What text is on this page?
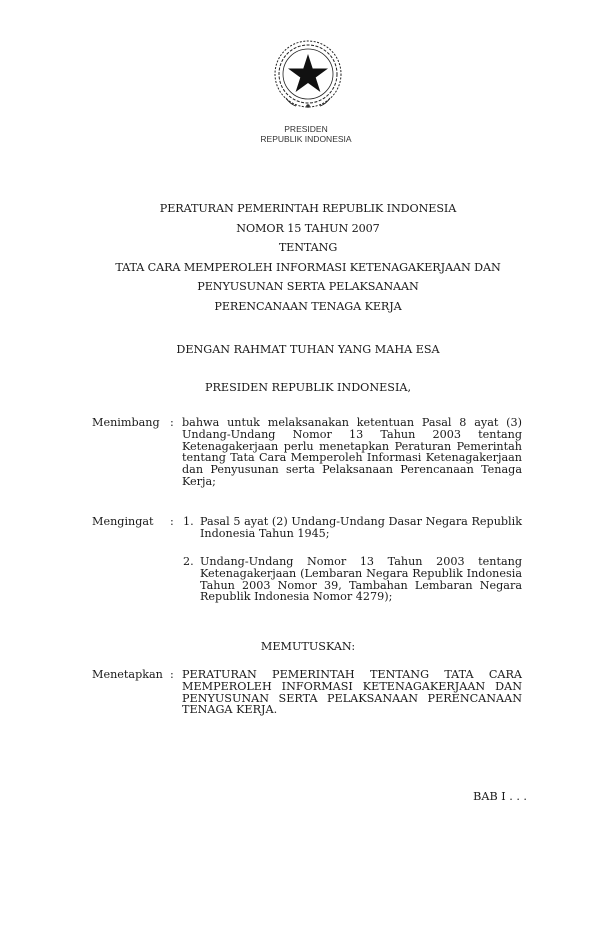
PRESIDEN
REPUBLIK INDONESIA
PERATURAN PEMERINTAH REPUBLIK INDONESIA
NOMOR 15 TAHUN 2007
TENTANG
TATA CARA MEMPEROLEH INFORMASI KETENAGAKERJAAN DAN
PENYUSUNAN SERTA PELAKSANAAN
PERENCANAAN TENAGA KERJA
DENGAN RAHMAT TUHAN YANG MAHA ESA
PRESIDEN REPUBLIK INDONESIA,
Menimbang : bahwa untuk melaksanakan ketentuan Pasal 8 ayat (3) Undang-Undang Nomor 13 Tahun 2003 tentang Ketenagakerjaan perlu menetapkan Peraturan Pemerintah tentang Tata Cara Memperoleh Informasi Ketenagakerjaan dan Penyusunan serta Pelaksanaan Perencanaan Tenaga Kerja;
Mengingat : 1. Pasal 5 ayat (2) Undang-Undang Dasar Negara Republik Indonesia Tahun 1945;
2. Undang-Undang Nomor 13 Tahun 2003 tentang Ketenagakerjaan (Lembaran Negara Republik Indonesia Tahun 2003 Nomor 39, Tambahan Lembaran Negara Republik Indonesia Nomor 4279);
MEMUTUSKAN:
Menetapkan : PERATURAN PEMERINTAH TENTANG TATA CARA MEMPEROLEH INFORMASI KETENAGAKERJAAN DAN PENYUSUNAN SERTA PELAKSANAAN PERENCANAAN TENAGA KERJA.
BAB I . . .
